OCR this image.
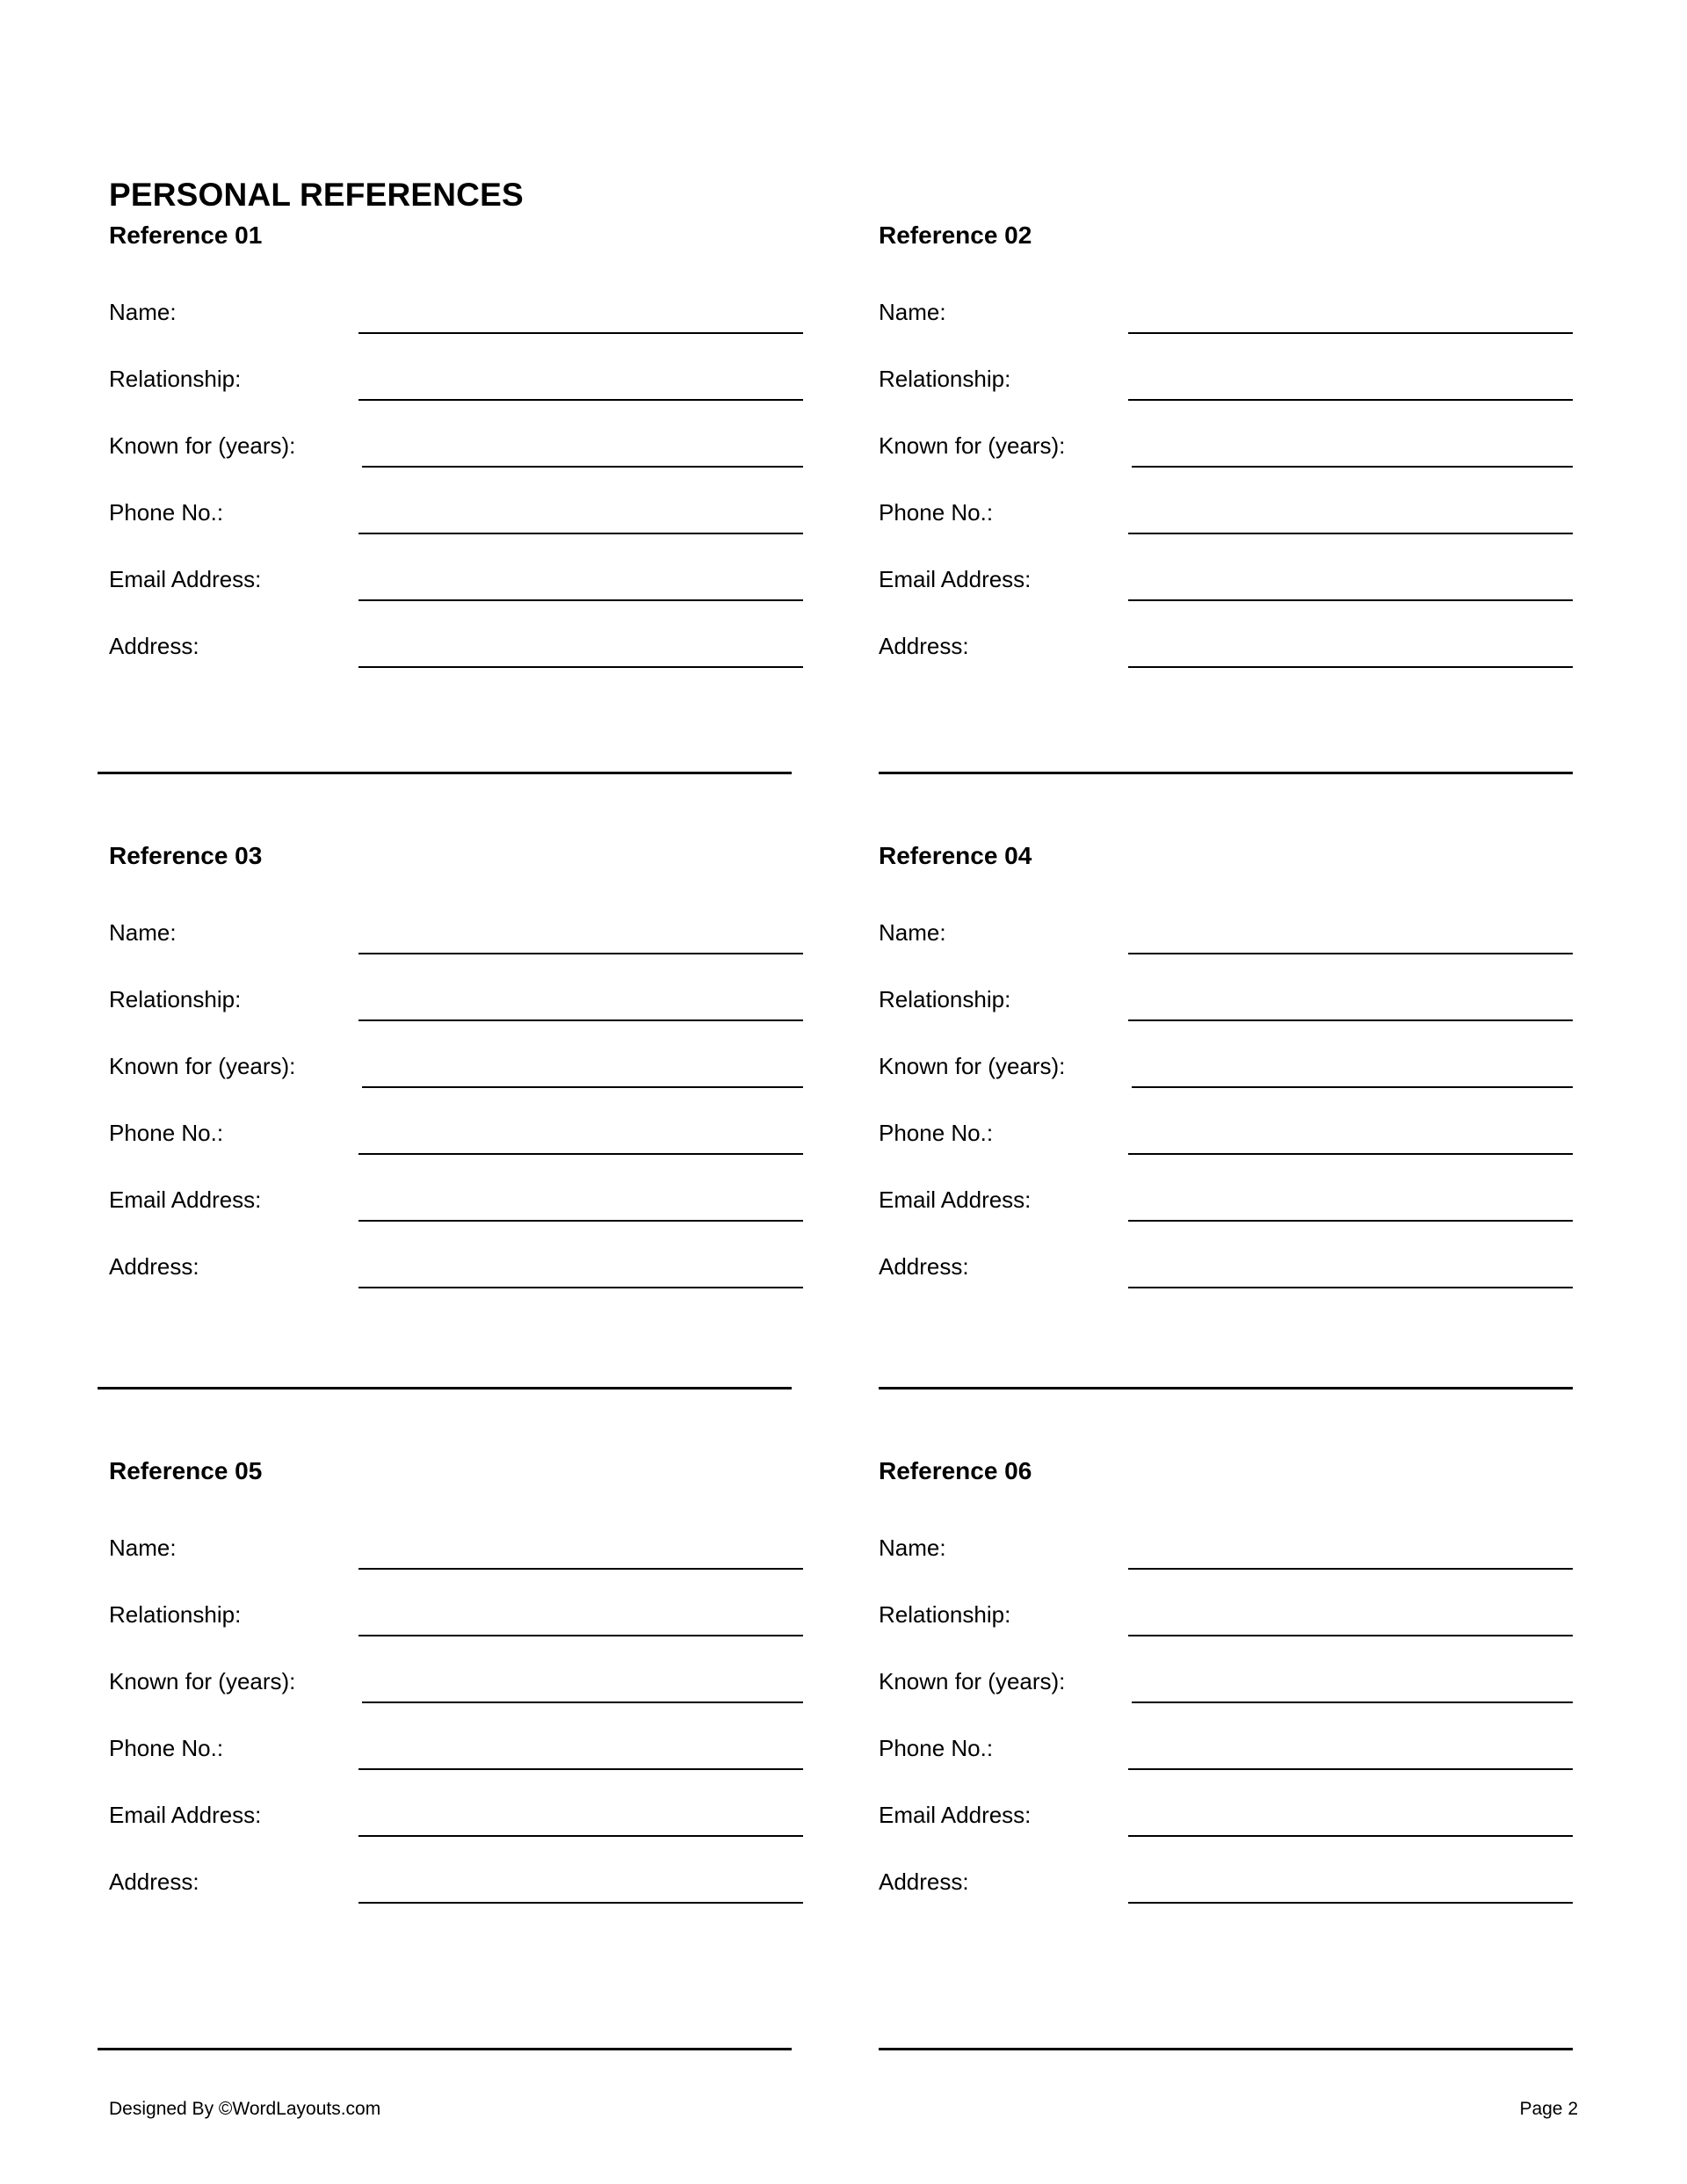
PERSONAL REFERENCES
Reference 01
Name:
Relationship:
Known for (years):
Phone No.:
Email Address:
Address:
Reference 02
Name:
Relationship:
Known for (years):
Phone No.:
Email Address:
Address:
Reference 03
Name:
Relationship:
Known for (years):
Phone No.:
Email Address:
Address:
Reference 04
Name:
Relationship:
Known for (years):
Phone No.:
Email Address:
Address:
Reference 05
Name:
Relationship:
Known for (years):
Phone No.:
Email Address:
Address:
Reference 06
Name:
Relationship:
Known for (years):
Phone No.:
Email Address:
Address:
Designed By ©WordLayouts.com	Page 2
